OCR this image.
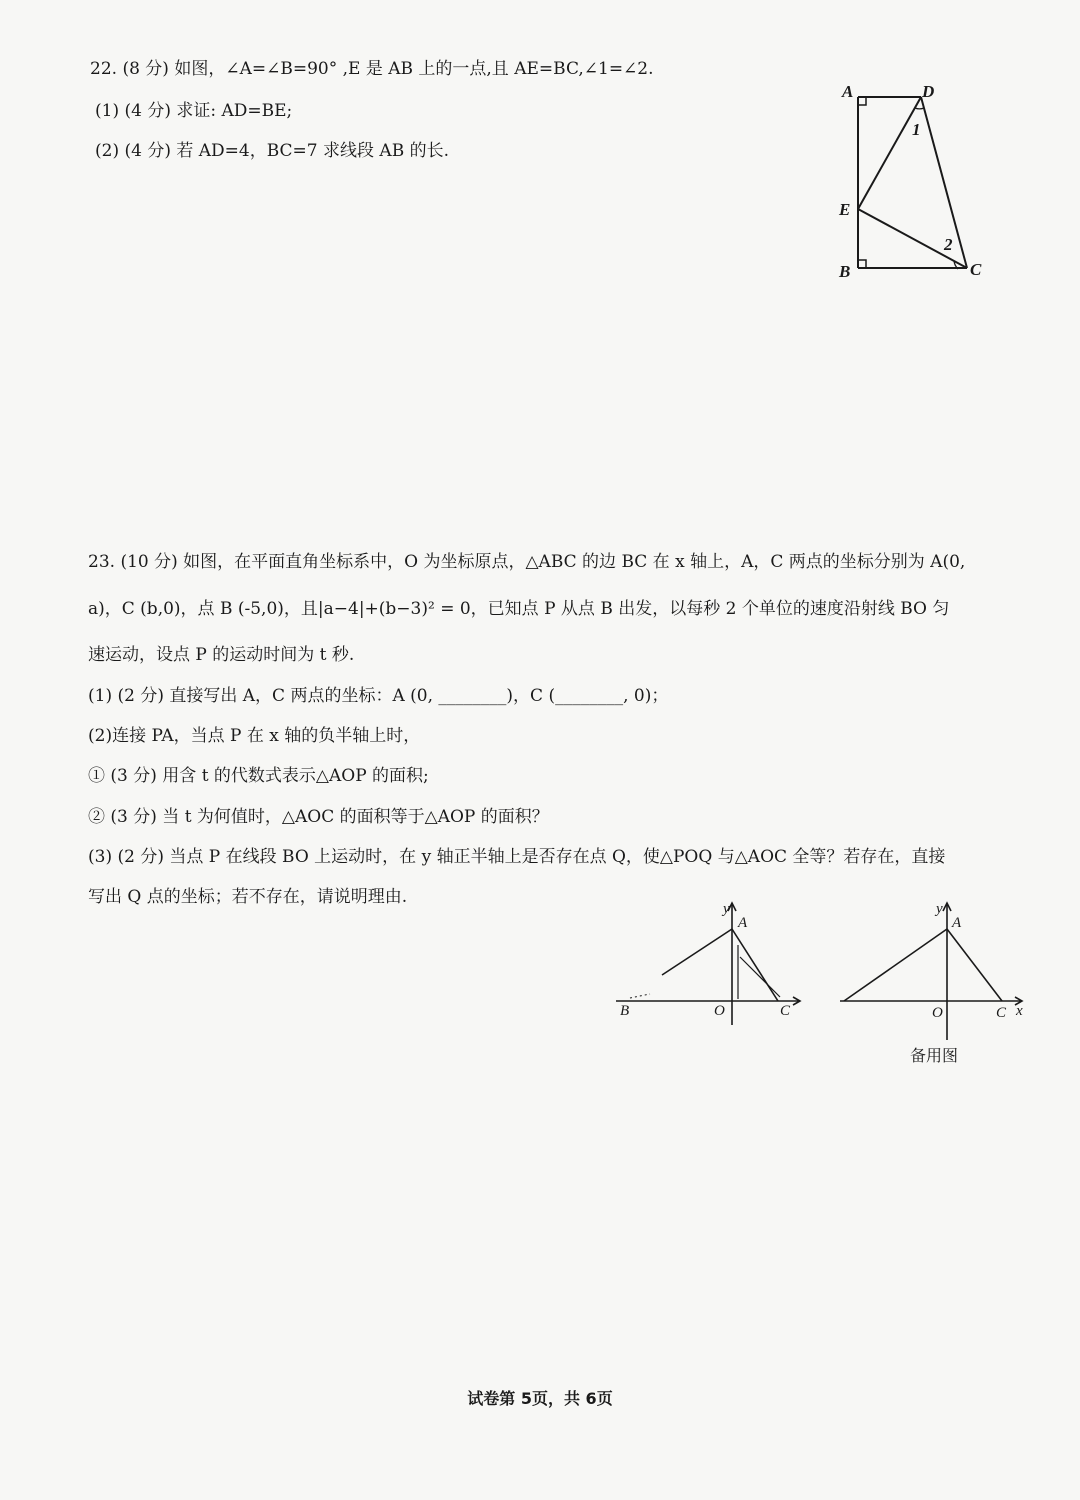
22. (8 分) 如图，∠A=∠B=90° ,E 是 AB 上的一点,且 AE=BC,∠1=∠2.
(1) (4 分) 求证: AD=BE;
(2) (4 分) 若 AD=4，BC=7 求线段 AB 的长.
A	D
E
B	C
1
2
23. (10 分) 如图，在平面直角坐标系中，O 为坐标原点，△ABC 的边 BC 在 x 轴上，A，C 两点的坐标分别为 A(0,
a)，C (b,0)，点 B (-5,0)，且|a−4|+(b−3)² = 0，已知点 P 从点 B 出发，以每秒 2 个单位的速度沿射线 BO 匀
速运动，设点 P 的运动时间为 t 秒.
(1) (2 分) 直接写出 A，C 两点的坐标：A (0, ________)，C (________, 0)；
(2)连接 PA，当点 P 在 x 轴的负半轴上时，
① (3 分) 用含 t 的代数式表示△AOP 的面积;
② (3 分) 当 t 为何值时，△AOC 的面积等于△AOP 的面积？
(3) (2 分) 当点 P 在线段 BO 上运动时，在 y 轴正半轴上是否存在点 Q，使△POQ 与△AOC 全等？若存在，直接
写出 Q 点的坐标；若不存在，请说明理由.
y
A
B	O	C
y
A
O	C x
备用图
试卷第 5页，共 6页
